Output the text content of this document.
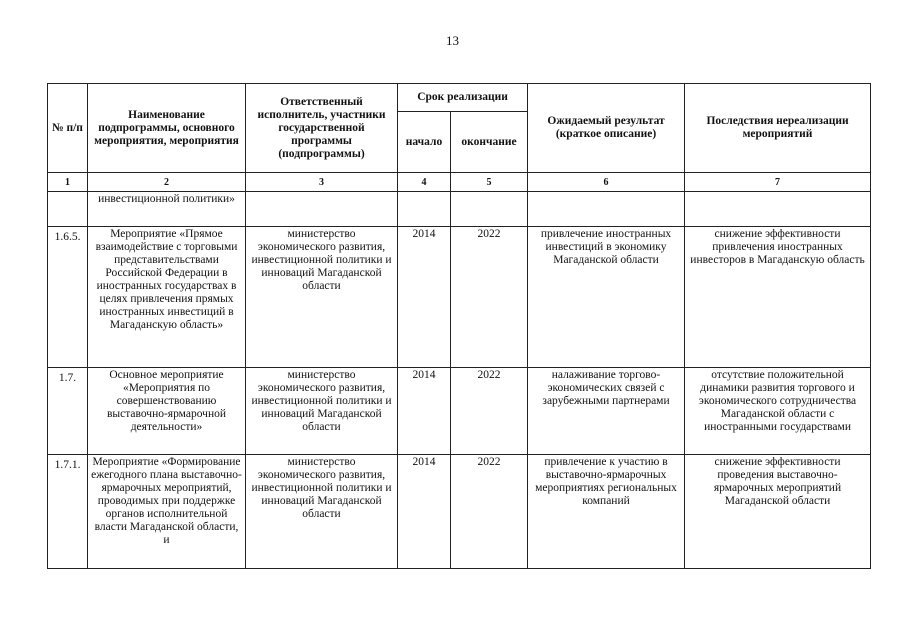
13
№ п/п	Наименование подпрограммы, основного мероприятия, мероприятия	Ответственный исполнитель, участники государственной программы (подпрограммы)	Срок реализации		Ожидаемый результат (краткое описание)	Последствия нереализации мероприятий
			начало	окончание		
1	2	3	4	5	6	7
	инвестиционной политики»					
1.6.5.	Мероприятие «Прямое взаимодействие с торговыми представительствами Российской Федерации в иностранных государствах в целях привлечения прямых иностранных инвестиций в Магаданскую область»	министерство экономического развития, инвестиционной политики и инноваций Магаданской области	2014	2022	привлечение иностранных инвестиций в экономику Магаданской области	снижение эффективности привлечения иностранных инвесторов в Магаданскую область
1.7.	Основное мероприятие «Мероприятия по совершенствованию выставочно-ярмарочной деятельности»	министерство экономического развития, инвестиционной политики и инноваций Магаданской области	2014	2022	налаживание торгово-экономических связей с зарубежными партнерами	отсутствие положительной динамики развития торгового и экономического сотрудничества Магаданской области с иностранными государствами
1.7.1.	Мероприятие «Формирование ежегодного плана выставочно-ярмарочных мероприятий, проводимых при поддержке органов исполнительной власти Магаданской области, и	министерство экономического развития, инвестиционной политики и инноваций Магаданской области	2014	2022	привлечение к участию в выставочно-ярмарочных мероприятиях региональных компаний	снижение эффективности проведения выставочно-ярмарочных мероприятий Магаданской области
